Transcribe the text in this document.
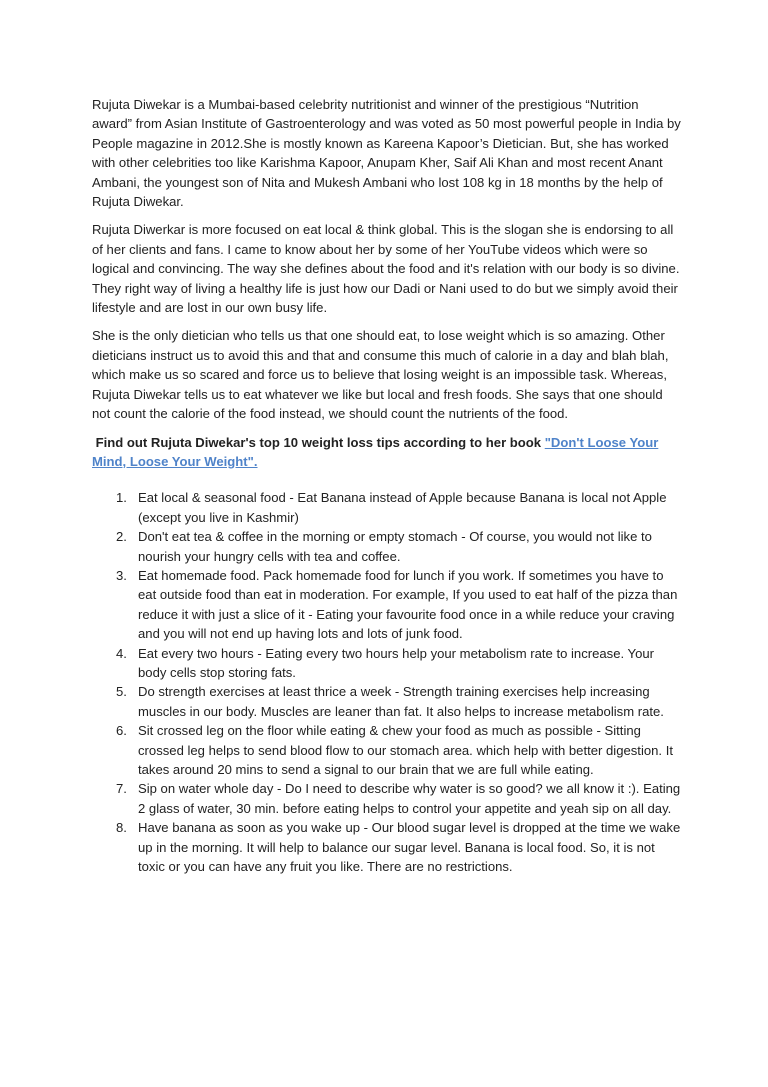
Rujuta Diwekar is a Mumbai-based celebrity nutritionist and winner of the prestigious “Nutrition award” from Asian Institute of Gastroenterology and was voted as 50 most powerful people in India by People magazine in 2012.She is mostly known as Kareena Kapoor’s Dietician. But, she has worked with other celebrities too like Karishma Kapoor, Anupam Kher, Saif Ali Khan and most recent Anant Ambani, the youngest son of Nita and Mukesh Ambani who lost 108 kg in 18 months by the help of Rujuta Diwekar.

Rujuta Diwerkar is more focused on eat local & think global. This is the slogan she is endorsing to all of her clients and fans. I came to know about her by some of her YouTube videos which were so logical and convincing. The way she defines about the food and it's relation with our body is so divine. They right way of living a healthy life is just how our Dadi or Nani used to do but we simply avoid their lifestyle and are lost in our own busy life.

She is the only dietician who tells us that one should eat, to lose weight which is so amazing. Other dieticians instruct us to avoid this and that and consume this much of calorie in a day and blah blah, which make us so scared and force us to believe that losing weight is an impossible task. Whereas, Rujuta Diwekar tells us to eat whatever we like but local and fresh foods. She says that one should not count the calorie of the food instead, we should count the nutrients of the food.

Find out Rujuta Diwekar's top 10 weight loss tips according to her book "Don't Loose Your Mind, Loose Your Weight".

1. Eat local & seasonal food - Eat Banana instead of Apple because Banana is local not Apple (except you live in Kashmir)
2. Don't eat tea & coffee in the morning or empty stomach - Of course, you would not like to nourish your hungry cells with tea and coffee.
3. Eat homemade food. Pack homemade food for lunch if you work. If sometimes you have to eat outside food than eat in moderation. For example, If you used to eat half of the pizza than reduce it with just a slice of it - Eating your favourite food once in a while reduce your craving and you will not end up having lots and lots of junk food.
4. Eat every two hours - Eating every two hours help your metabolism rate to increase. Your body cells stop storing fats.
5. Do strength exercises at least thrice a week - Strength training exercises help increasing muscles in our body. Muscles are leaner than fat. It also helps to increase metabolism rate.
6. Sit crossed leg on the floor while eating & chew your food as much as possible - Sitting crossed leg helps to send blood flow to our stomach area. which help with better digestion. It takes around 20 mins to send a signal to our brain that we are full while eating.
7. Sip on water whole day - Do I need to describe why water is so good? we all know it :). Eating 2 glass of water, 30 min. before eating helps to control your appetite and yeah sip on all day.
8. Have banana as soon as you wake up - Our blood sugar level is dropped at the time we wake up in the morning. It will help to balance our sugar level. Banana is local food. So, it is not toxic or you can have any fruit you like. There are no restrictions.
